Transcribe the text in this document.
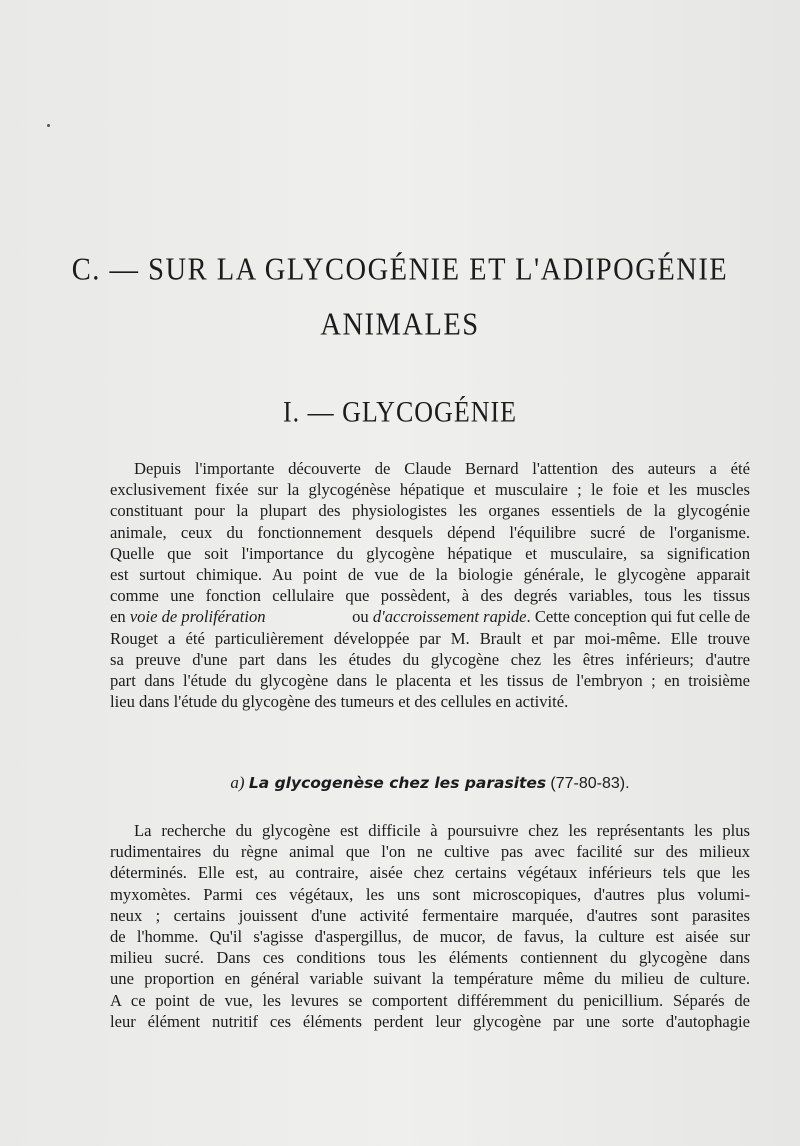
C. — SUR LA GLYCOGÉNIE ET L'ADIPOGÉNIE
ANIMALES
I. — GLYCOGÉNIE
Depuis l'importante découverte de Claude Bernard l'attention des auteurs a été
exclusivement fixée sur la glycogénèse hépatique et musculaire ; le foie et les muscles
constituant pour la plupart des physiologistes les organes essentiels de la glycogénie
animale, ceux du fonctionnement desquels dépend l'équilibre sucré de l'organisme.
Quelle que soit l'importance du glycogène hépatique et musculaire, sa signification
est surtout chimique. Au point de vue de la biologie générale, le glycogène apparait
comme une fonction cellulaire que possèdent, à des degrés variables, tous les tissus
en voie de prolifération	ou d'accroissement rapide. Cette conception qui fut celle de
Rouget a été particulièrement développée par M. Brault et par moi-même. Elle trouve
sa preuve d'une part dans les études du glycogène chez les êtres inférieurs; d'autre
part dans l'étude du glycogène dans le placenta et les tissus de l'embryon ; en troisième
lieu dans l'étude du glycogène des tumeurs et des cellules en activité.
a) La glycogenèse chez les parasites (77-80-83).
La recherche du glycogène est difficile à poursuivre chez les représentants les plus
rudimentaires du règne animal que l'on ne cultive pas avec facilité sur des milieux
déterminés. Elle est, au contraire, aisée chez certains végétaux inférieurs tels que les
myxomètes. Parmi ces végétaux, les uns sont microscopiques, d'autres plus volumi-
neux ; certains jouissent d'une activité fermentaire marquée, d'autres sont parasites
de l'homme. Qu'il s'agisse d'aspergillus, de mucor, de favus, la culture est aisée sur
milieu sucré. Dans ces conditions tous les éléments contiennent du glycogène dans
une proportion en général variable suivant la température même du milieu de culture.
A ce point de vue, les levures se comportent différemment du penicillium. Séparés de
leur élément nutritif ces éléments perdent leur glycogène par une sorte d'autophagie
